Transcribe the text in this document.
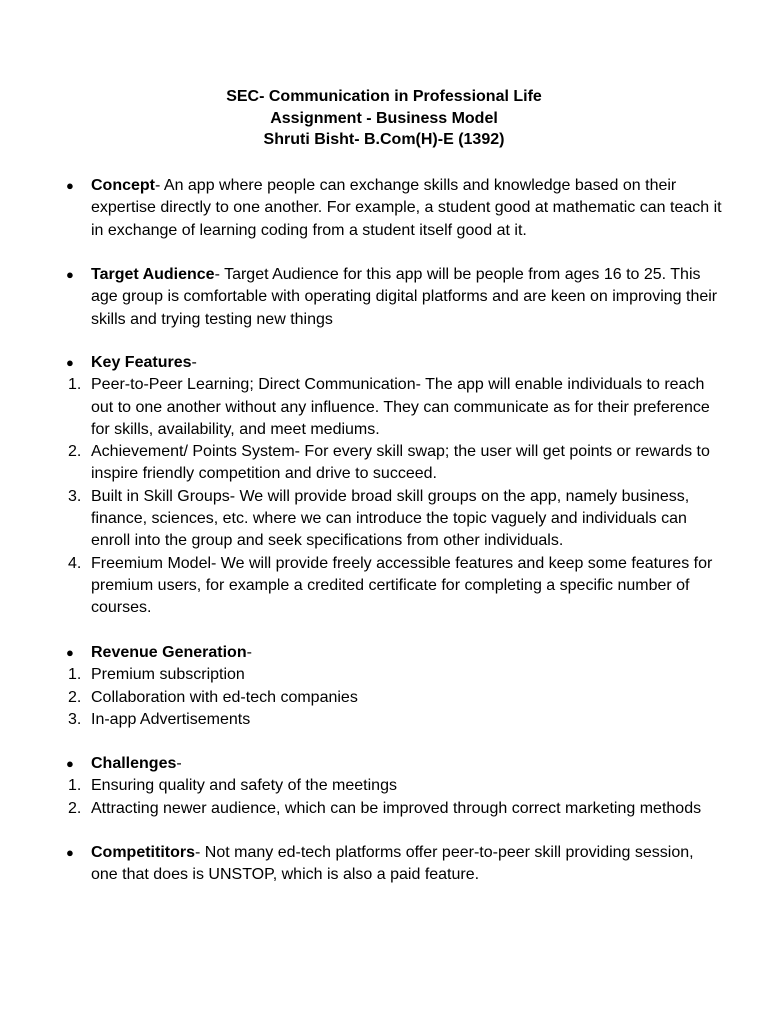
SEC- Communication in Professional Life
Assignment - Business Model
Shruti Bisht- B.Com(H)-E (1392)
● Concept- An app where people can exchange skills and knowledge based on their expertise directly to one another. For example, a student good at mathematic can teach it in exchange of learning coding from a student itself good at it.
● Target Audience- Target Audience for this app will be people from ages 16 to 25. This age group is comfortable with operating digital platforms and are keen on improving their skills and trying testing new things
● Key Features-
1. Peer-to-Peer Learning; Direct Communication- The app will enable individuals to reach out to one another without any influence. They can communicate as for their preference for skills, availability, and meet mediums.
2. Achievement/ Points System- For every skill swap; the user will get points or rewards to inspire friendly competition and drive to succeed.
3. Built in Skill Groups- We will provide broad skill groups on the app, namely business, finance, sciences, etc. where we can introduce the topic vaguely and individuals can enroll into the group and seek specifications from other individuals.
4. Freemium Model- We will provide freely accessible features and keep some features for premium users, for example a credited certificate for completing a specific number of courses.
● Revenue Generation-
1. Premium subscription
2. Collaboration with ed-tech companies
3. In-app Advertisements
● Challenges-
1. Ensuring quality and safety of the meetings
2. Attracting newer audience, which can be improved through correct marketing methods
● Competititors- Not many ed-tech platforms offer peer-to-peer skill providing session, one that does is UNSTOP, which is also a paid feature.
